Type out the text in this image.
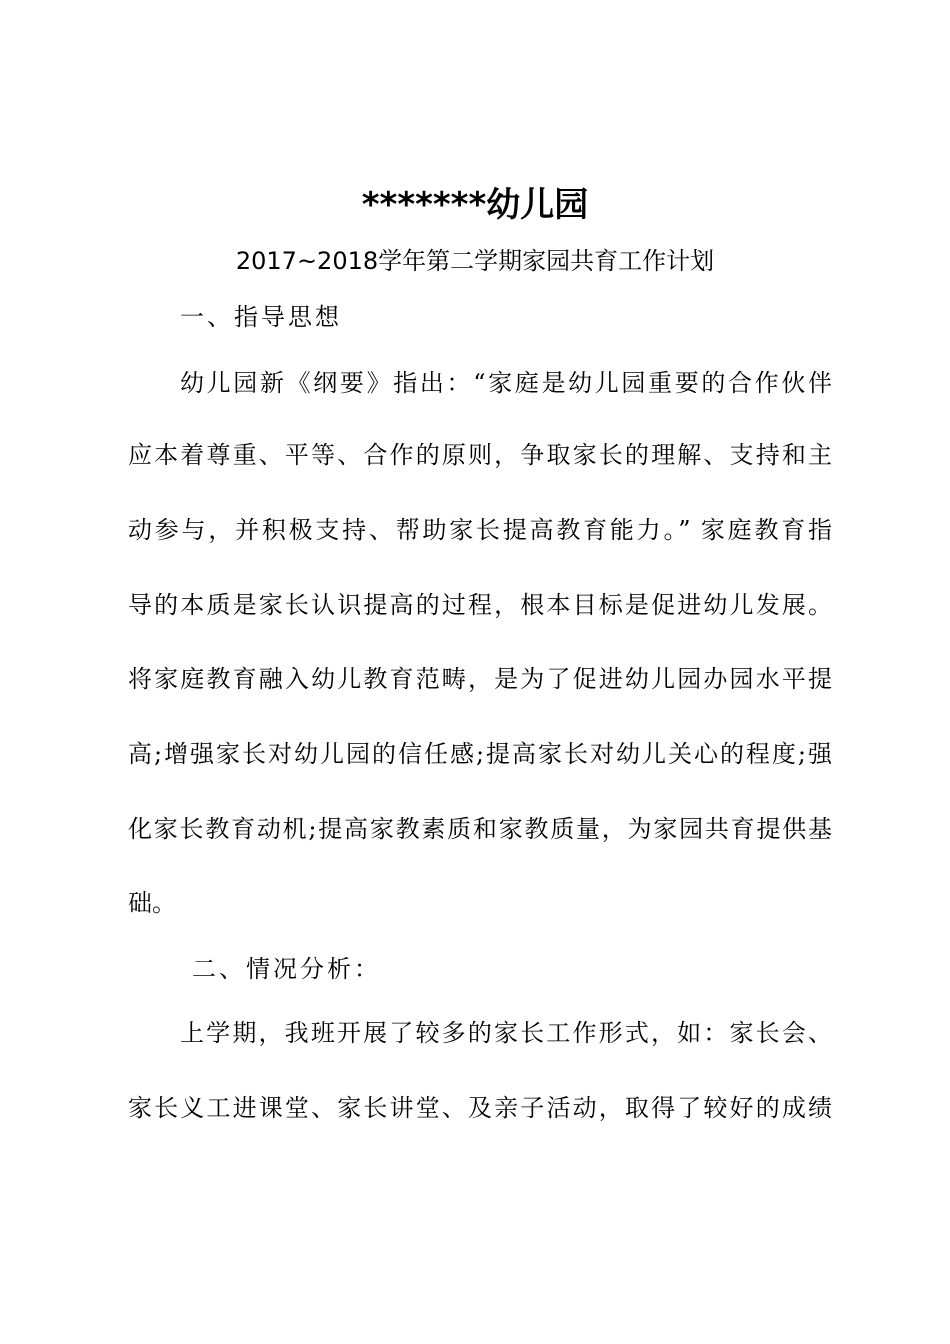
*******幼儿园
2017~2018学年第二学期家园共育工作计划
一、指导思想
幼儿园新《纲要》指出：“家庭是幼儿园重要的合作伙伴
应本着尊重、平等、合作的原则，争取家长的理解、支持和主
动参与，并积极支持、帮助家长提高教育能力。” 家庭教育指
导的本质是家长认识提高的过程，根本目标是促进幼儿发展。
将家庭教育融入幼儿教育范畴，是为了促进幼儿园办园水平提
高;增强家长对幼儿园的信任感;提高家长对幼儿关心的程度;强
化家长教育动机;提高家教素质和家教质量，为家园共育提供基
础。
二、情况分析：
上学期，我班开展了较多的家长工作形式，如：家长会、
家长义工进课堂、家长讲堂、及亲子活动，取得了较好的成绩
